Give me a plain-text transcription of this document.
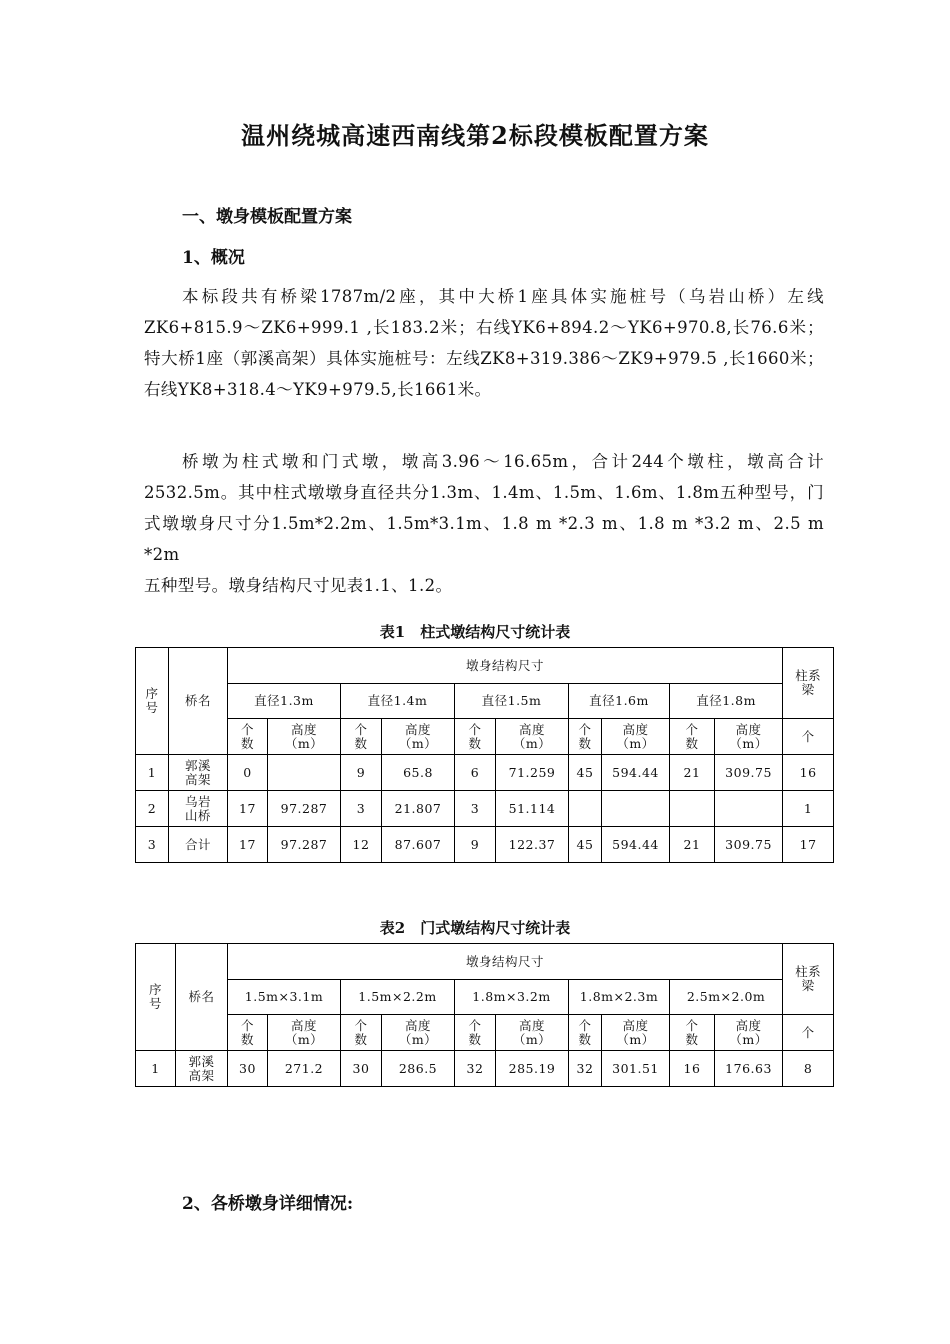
温州绕城高速西南线第2标段模板配置方案
一、墩身模板配置方案
1、概况

本标段共有桥梁1787m/2座，其中大桥1座具体实施桩号（乌岩山桥）左线ZK6+815.9～ZK6+999.1 ,长183.2米；右线YK6+894.2～YK6+970.8,长76.6米；特大桥1座（郭溪高架）具体实施桩号：左线ZK8+319.386～ZK9+979.5 ,长1660米；右线YK8+318.4～YK9+979.5,长1661米。

桥墩为柱式墩和门式墩，墩高3.96～16.65m，合计244个墩柱，墩高合计2532.5m。其中柱式墩墩身直径共分1.3m、1.4m、1.5m、1.6m、1.8m五种型号，门式墩墩身尺寸分1.5m*2.2m、1.5m*3.1m、1.8 m *2.3 m、1.8 m *3.2 m、2.5 m *2m

五种型号。墩身结构尺寸见表1.1、1.2。

表1　柱式墩结构尺寸统计表
序号	桥名	墩身结构尺寸										柱系梁
		直径1.3m		直径1.4m		直径1.5m		直径1.6m		直径1.8m		
		个数	高度（m）	个数	高度（m）	个数	高度（m）	个数	高度（m）	个数	高度（m）	个
1	郭溪高架	0		9	65.8	6	71.259	45	594.44	21	309.75	16
2	乌岩山桥	17	97.287	3	21.807	3	51.114					1
3	合计	17	97.287	12	87.607	9	122.37	45	594.44	21	309.75	17
表2　门式墩结构尺寸统计表
序号	桥名	墩身结构尺寸										柱系梁
		1.5m×3.1m		1.5m×2.2m		1.8m×3.2m		1.8m×2.3m		2.5m×2.0m		
		个数	高度（m）	个数	高度（m）	个数	高度（m）	个数	高度（m）	个数	高度（m）	个
1	郭溪高架	30	271.2	30	286.5	32	285.19	32	301.51	16	176.63	8
2、各桥墩身详细情况:
